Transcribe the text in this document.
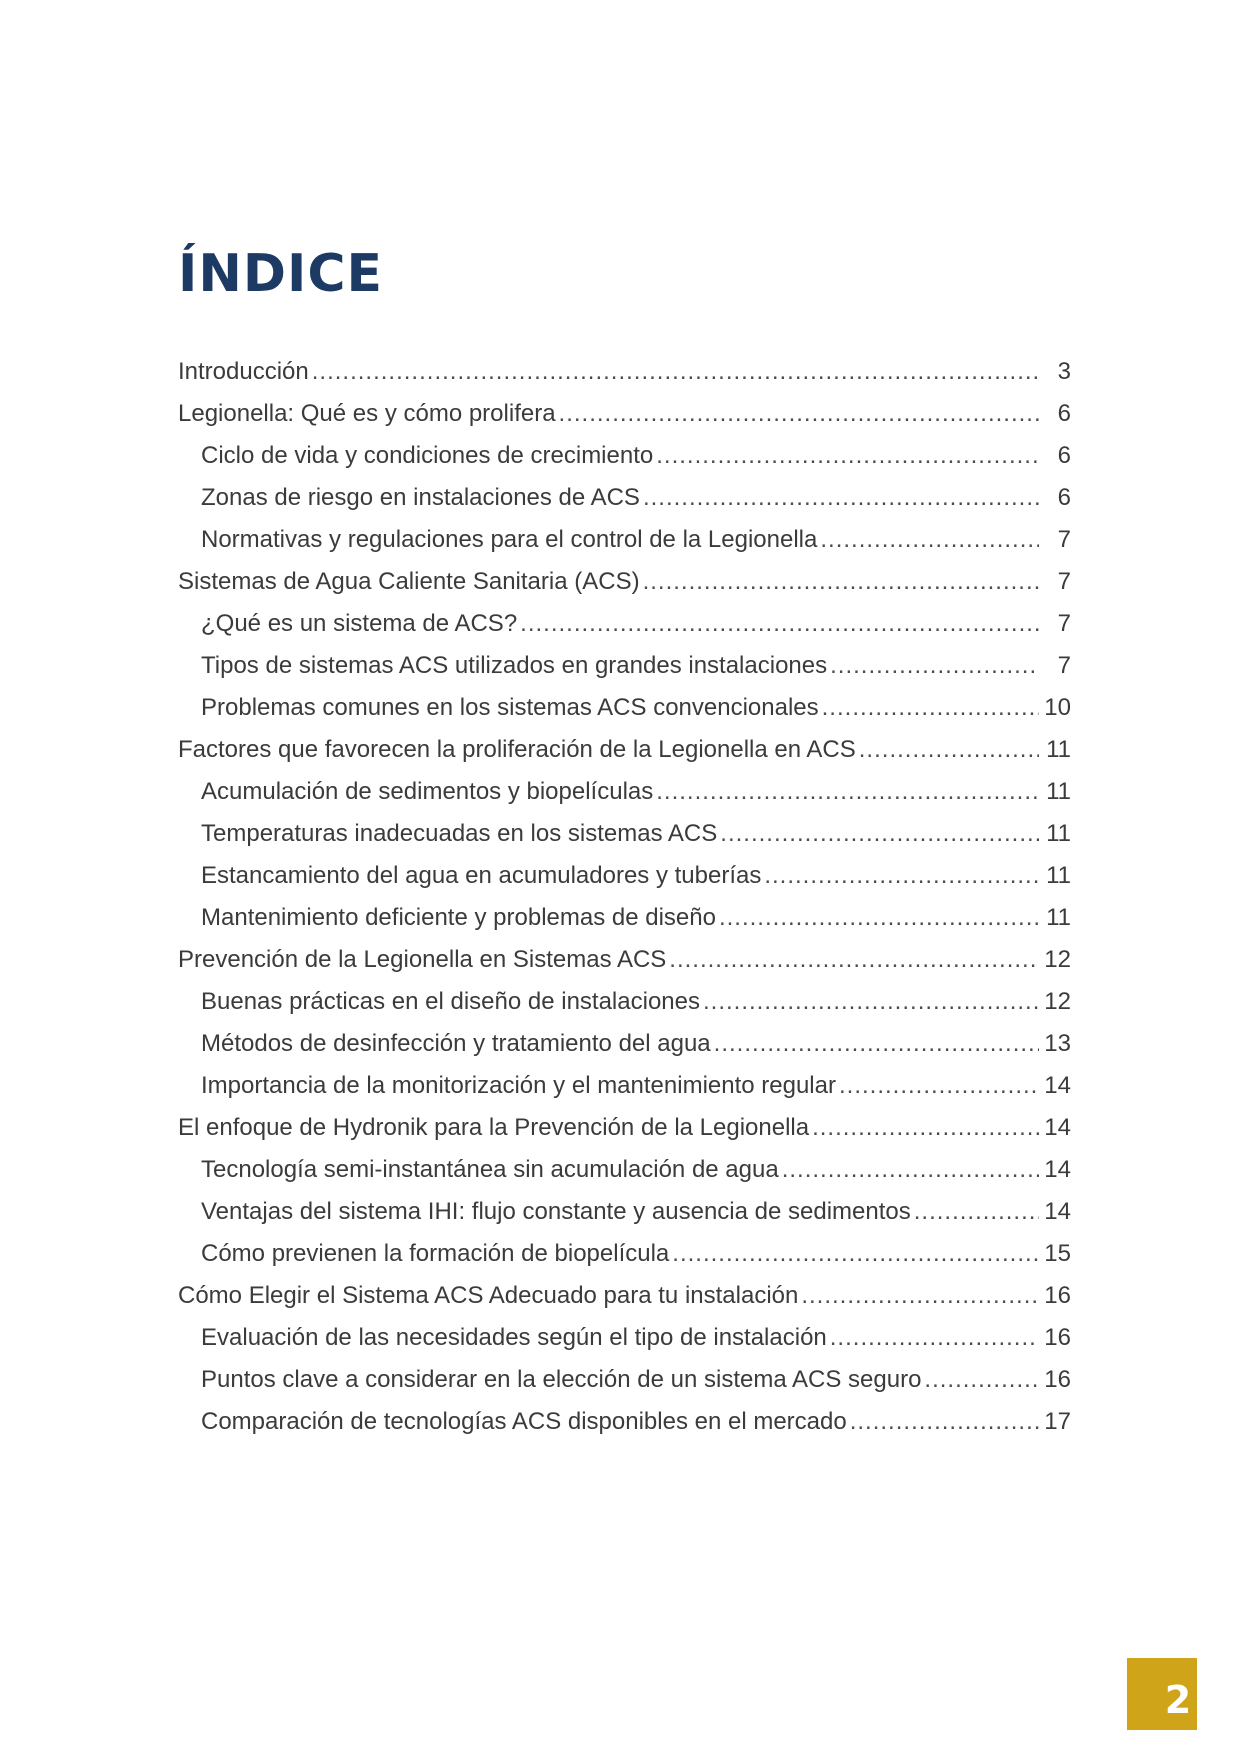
ÍNDICE
Introducción .....	3
Legionella: Qué es y cómo prolifera .....	6
Ciclo de vida y condiciones de crecimiento .....	6
Zonas de riesgo en instalaciones de ACS .....	6
Normativas y regulaciones para el control de la Legionella .....	7
Sistemas de Agua Caliente Sanitaria (ACS) .....	7
¿Qué es un sistema de ACS? .....	7
Tipos de sistemas ACS utilizados en grandes instalaciones .....	7
Problemas comunes en los sistemas ACS convencionales .....	10
Factores que favorecen la proliferación de la Legionella en ACS .....	11
Acumulación de sedimentos y biopelículas .....	11
Temperaturas inadecuadas en los sistemas ACS .....	11
Estancamiento del agua en acumuladores y tuberías .....	11
Mantenimiento deficiente y problemas de diseño .....	11
Prevención de la Legionella en Sistemas ACS .....	12
Buenas prácticas en el diseño de instalaciones .....	12
Métodos de desinfección y tratamiento del agua .....	13
Importancia de la monitorización y el mantenimiento regular .....	14
El enfoque de Hydronik para la Prevención de la Legionella .....	14
Tecnología semi-instantánea sin acumulación de agua .....	14
Ventajas del sistema IHI: flujo constante y ausencia de sedimentos .....	14
Cómo previenen la formación de biopelícula .....	15
Cómo Elegir el Sistema ACS Adecuado para tu instalación .....	16
Evaluación de las necesidades según el tipo de instalación .....	16
Puntos clave a considerar en la elección de un sistema ACS seguro .....	16
Comparación de tecnologías ACS disponibles en el mercado .....	17
2
